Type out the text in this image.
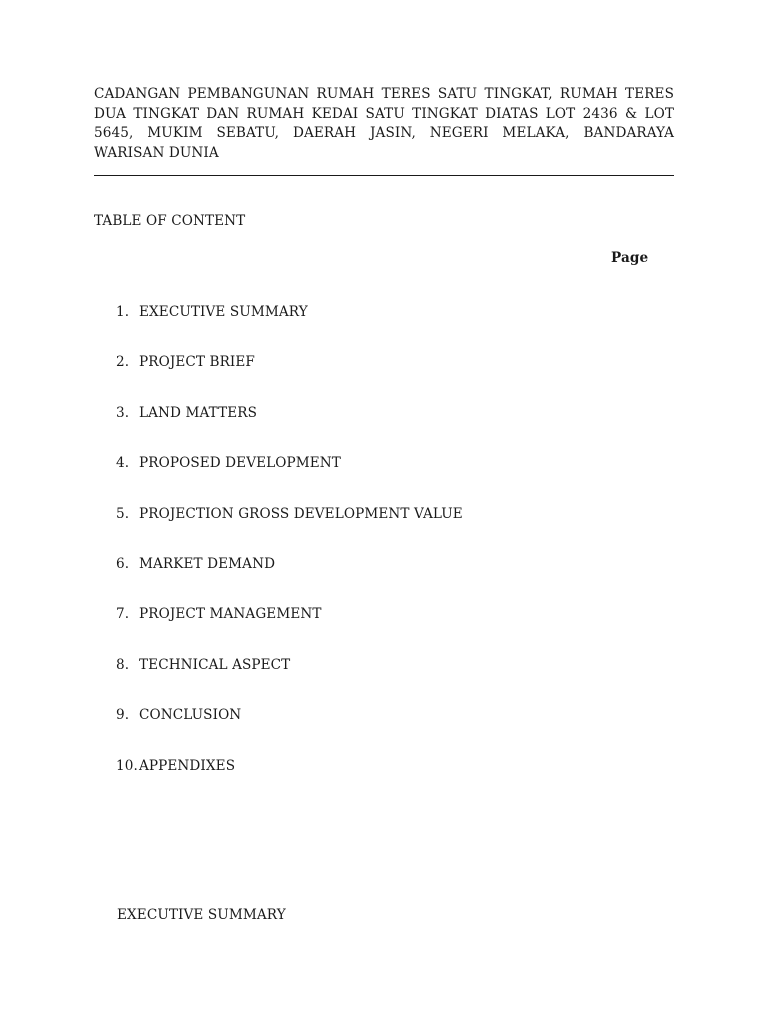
CADANGAN PEMBANGUNAN RUMAH TERES SATU TINGKAT, RUMAH TERES DUA TINGKAT DAN RUMAH KEDAI SATU TINGKAT DIATAS LOT 2436 & LOT 5645, MUKIM SEBATU, DAERAH JASIN, NEGERI MELAKA, BANDARAYA WARISAN DUNIA

TABLE OF CONTENT
Page
1. EXECUTIVE SUMMARY
2. PROJECT BRIEF
3. LAND MATTERS
4. PROPOSED DEVELOPMENT
5. PROJECTION GROSS DEVELOPMENT VALUE
6. MARKET DEMAND
7. PROJECT MANAGEMENT
8. TECHNICAL ASPECT
9. CONCLUSION
10.APPENDIXES
EXECUTIVE SUMMARY
